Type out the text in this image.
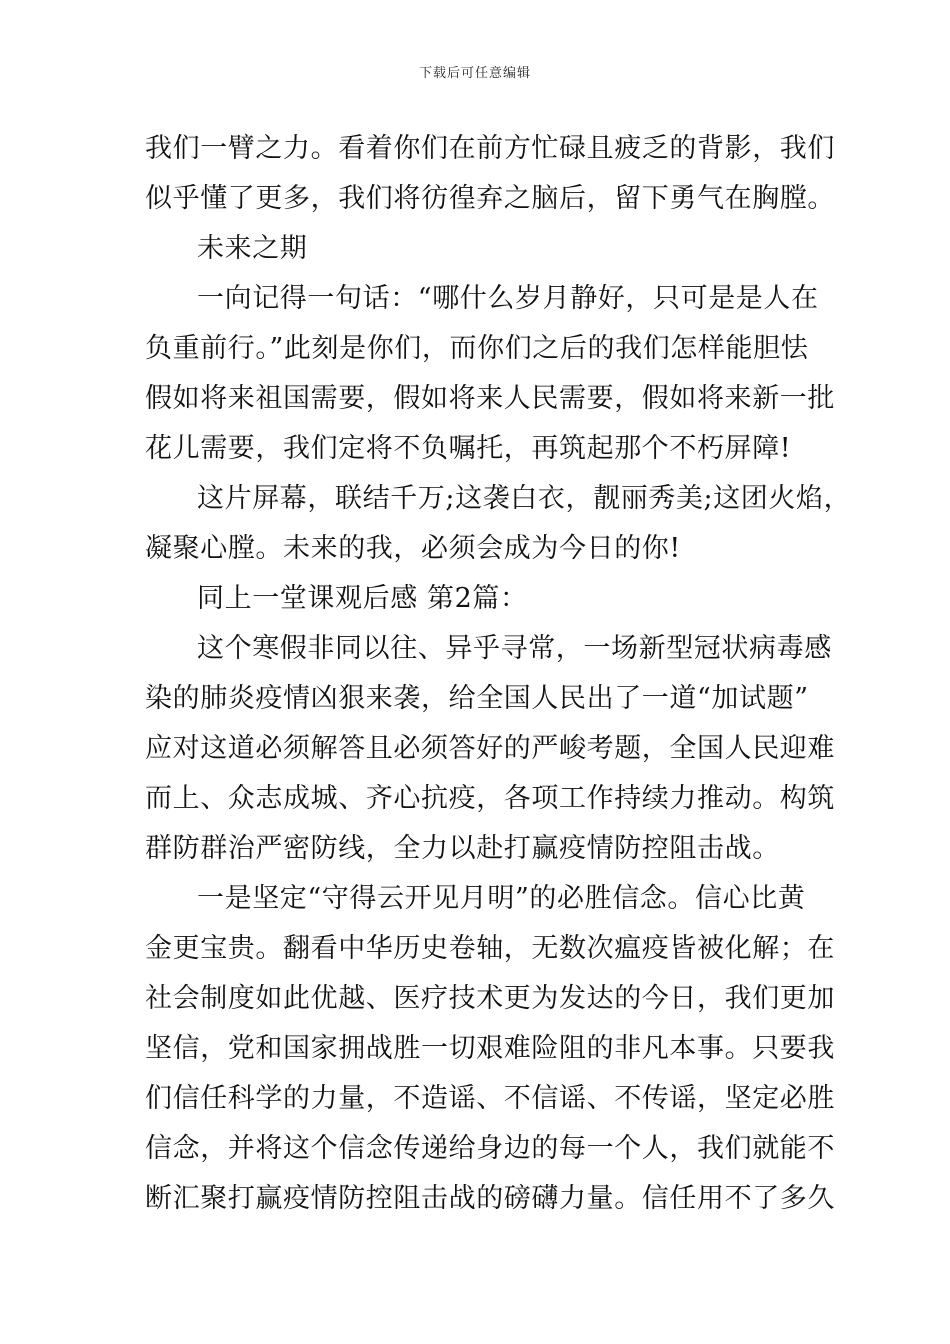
下载后可任意编辑
我们一臂之力。看着你们在前方忙碌且疲乏的背影，我们
似乎懂了更多，我们将彷徨弃之脑后，留下勇气在胸膛。
未来之期
一向记得一句话：“哪什么岁月静好，只可是是人在
负重前行。”此刻是你们，而你们之后的我们怎样能胆怯
假如将来祖国需要，假如将来人民需要，假如将来新一批
花儿需要，我们定将不负嘱托，再筑起那个不朽屏障!
这片屏幕，联结千万;这袭白衣，靓丽秀美;这团火焰，
凝聚心膛。未来的我，必须会成为今日的你!
同上一堂课观后感 第2篇：
这个寒假非同以往、异乎寻常，一场新型冠状病毒感
染的肺炎疫情凶狠来袭，给全国人民出了一道“加试题”
应对这道必须解答且必须答好的严峻考题，全国人民迎难
而上、众志成城、齐心抗疫，各项工作持续力推动。构筑
群防群治严密防线，全力以赴打赢疫情防控阻击战。
一是坚定“守得云开见月明”的必胜信念。信心比黄
金更宝贵。翻看中华历史卷轴，无数次瘟疫皆被化解；在
社会制度如此优越、医疗技术更为发达的今日，我们更加
坚信，党和国家拥战胜一切艰难险阻的非凡本事。只要我
们信任科学的力量，不造谣、不信谣、不传谣，坚定必胜
信念，并将这个信念传递给身边的每一个人，我们就能不
断汇聚打赢疫情防控阻击战的磅礴力量。信任用不了多久
